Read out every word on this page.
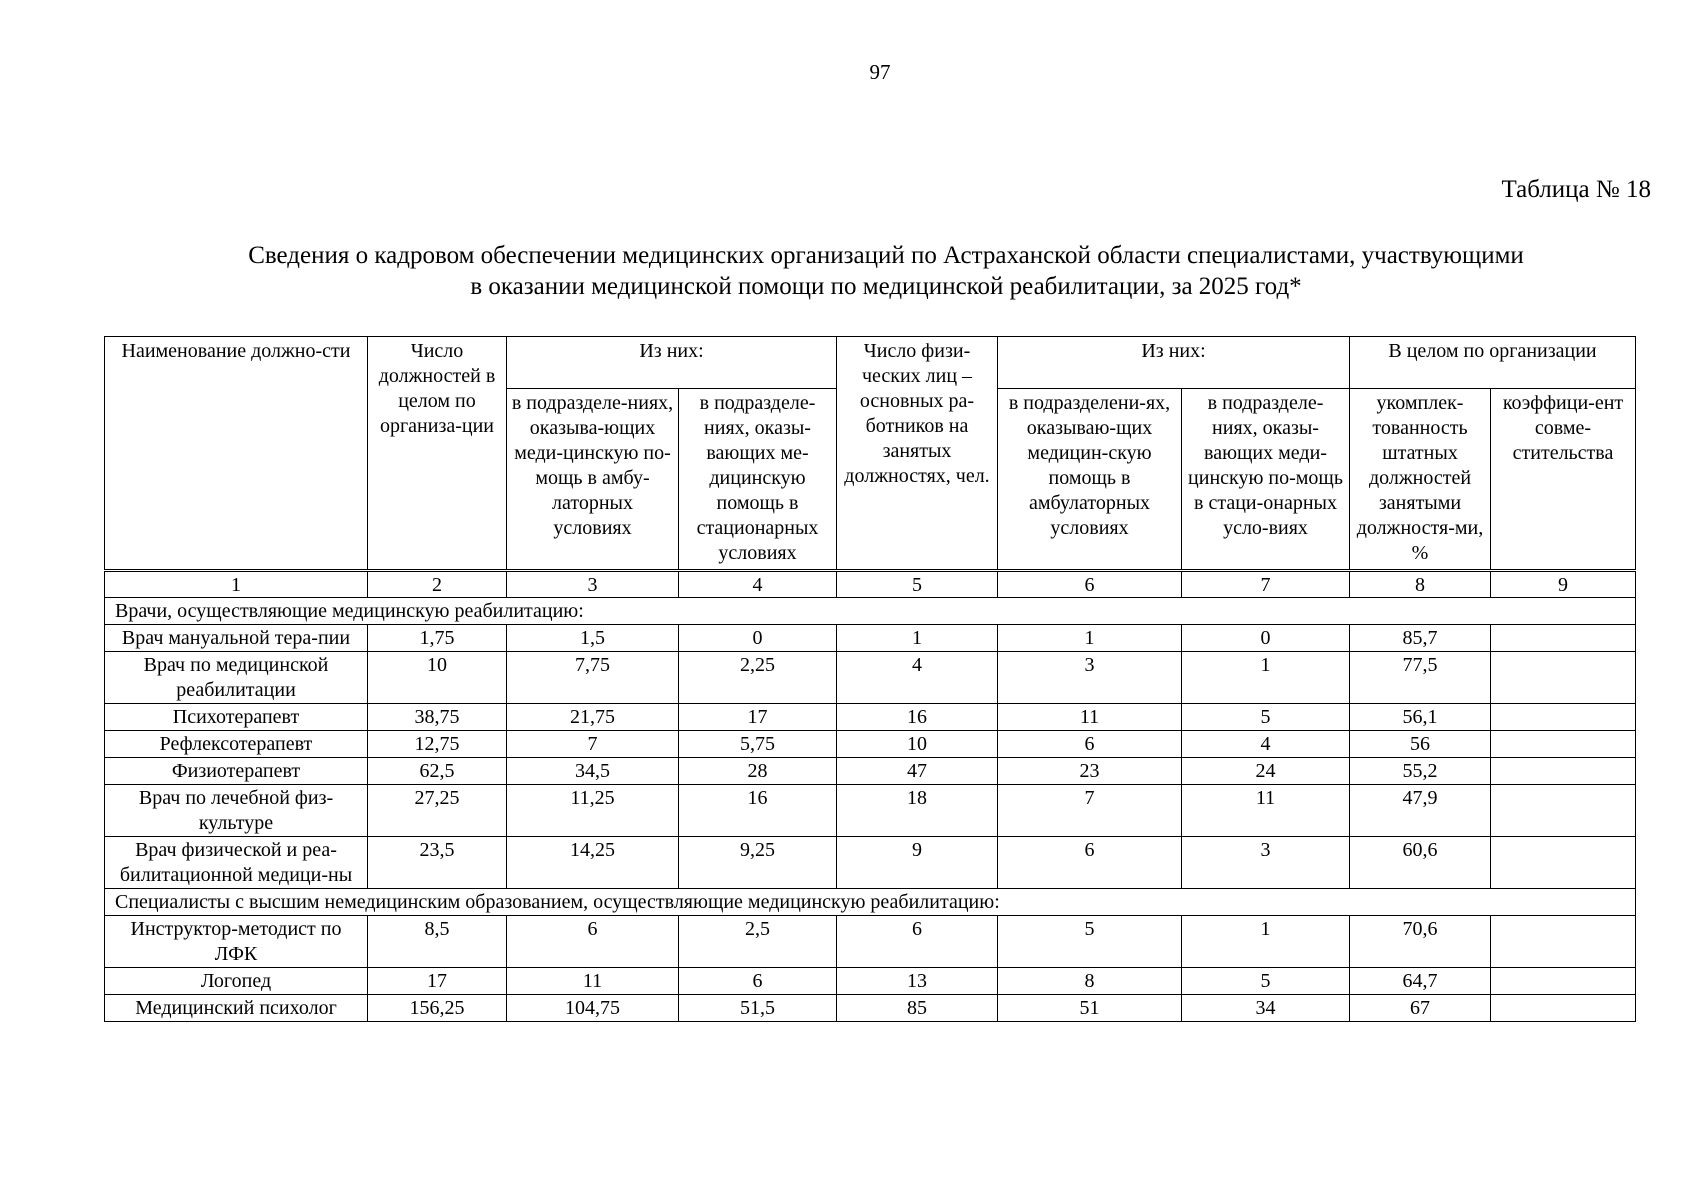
97
Таблица № 18
Сведения о кадровом обеспечении медицинских организаций по Астраханской области специалистами, участвующими
в оказании медицинской помощи по медицинской реабилитации, за 2025 год*
Наименование должно-сти	Число должностей в целом по организа-ции	Из них:		Число физи-ческих лиц – основных ра-ботников на занятых должностях, чел.	Из них:		В целом по организации	
		в подразделе-ниях, оказыва-ющих меди-цинскую по-мощь в амбу-латорных условиях	в подразделе-ниях, оказы-вающих ме-дицинскую помощь в стационарных условиях		в подразделени-ях, оказываю-щих медицин-скую помощь в амбулаторных условиях	в подразделе-ниях, оказы-вающих меди-цинскую по-мощь в стаци-онарных усло-виях	укомплек-тованность штатных должностей занятыми должностя-ми, %	коэффици-ент совме-стительства
1	2	3	4	5	6	7	8	9
Врачи, осуществляющие медицинскую реабилитацию:								
Врач мануальной тера-пии	1,75	1,5	0	1	1	0	85,7	
Врач по медицинской реабилитации	10	7,75	2,25	4	3	1	77,5	
Психотерапевт	38,75	21,75	17	16	11	5	56,1	
Рефлексотерапевт	12,75	7	5,75	10	6	4	56	
Физиотерапевт	62,5	34,5	28	47	23	24	55,2	
Врач по лечебной физ-культуре	27,25	11,25	16	18	7	11	47,9	
Врач физической и реа-билитационной медици-ны	23,5	14,25	9,25	9	6	3	60,6	
Специалисты с высшим немедицинским образованием, осуществляющие медицинскую реабилитацию:								
Инструктор-методист по ЛФК	8,5	6	2,5	6	5	1	70,6	
Логопед	17	11	6	13	8	5	64,7	
Медицинский психолог	156,25	104,75	51,5	85	51	34	67	
